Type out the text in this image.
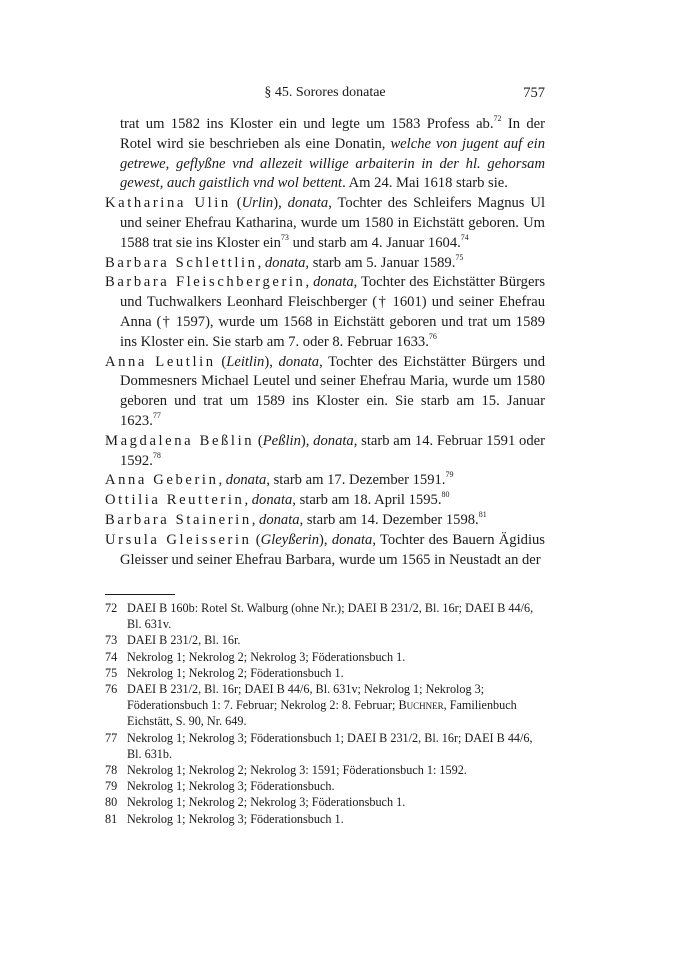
§ 45. Sorores donatae	757

trat um 1582 ins Kloster ein und legte um 1583 Profess ab.$^{72}$ In der Rotel wird sie beschrieben als eine Donatin, welche von jugent auf ein getrewe, geflyßne vnd allezeit willige arbaiterin in der hl. gehorsam gewest, auch gaistlich vnd wol bettent. Am 24. Mai 1618 starb sie.

Katharina Ulin (Urlin), donata, Tochter des Schleifers Magnus Ul und seiner Ehefrau Katharina, wurde um 1580 in Eichstätt geboren. Um 1588 trat sie ins Kloster ein$^{73}$ und starb am 4. Januar 1604.74

Barbara Schlettlin, donata, starb am 5. Januar 1589.75

Barbara Fleischbergerin, donata, Tochter des Eichstätter Bürgers und Tuchwalkers Leonhard Fleischberger († 1601) und seiner Ehefrau Anna († 1597), wurde um 1568 in Eichstätt geboren und trat um 1589 ins Kloster ein. Sie starb am 7. oder 8. Februar 1633.76

Anna Leutlin (Leitlin), donata, Tochter des Eichstätter Bürgers und Dommesners Michael Leutel und seiner Ehefrau Maria, wurde um 1580 geboren und trat um 1589 ins Kloster ein. Sie starb am 15. Januar 1623.77

Magdalena Beßlin (Peßlin), donata, starb am 14. Februar 1591 oder 1592.78

Anna Geberin, donata, starb am 17. Dezember 1591.79

Ottilia Reutterin, donata, starb am 18. April 1595.80

Barbara Stainerin, donata, starb am 14. Dezember 1598.81

Ursula Gleisserin (Gleyßerin), donata, Tochter des Bauern Ägidius Gleisser und seiner Ehefrau Barbara, wurde um 1565 in Neustadt an der

72 DAEI B 160b: Rotel St. Walburg (ohne Nr.); DAEI B 231/2, Bl. 16r; DAEI B 44/6, Bl. 631v.
73 DAEI B 231/2, Bl. 16r.
74 Nekrolog 1; Nekrolog 2; Nekrolog 3; Föderationsbuch 1.
75 Nekrolog 1; Nekrolog 2; Föderationsbuch 1.
76 DAEI B 231/2, Bl. 16r; DAEI B 44/6, Bl. 631v; Nekrolog 1; Nekrolog 3; Föderationsbuch 1: 7. Februar; Nekrolog 2: 8. Februar; Buchner, Familienbuch Eichstätt, S. 90, Nr. 649.
77 Nekrolog 1; Nekrolog 3; Föderationsbuch 1; DAEI B 231/2, Bl. 16r; DAEI B 44/6, Bl. 631b.
78 Nekrolog 1; Nekrolog 2; Nekrolog 3: 1591; Föderationsbuch 1: 1592.
79 Nekrolog 1; Nekrolog 3; Föderationsbuch.
80 Nekrolog 1; Nekrolog 2; Nekrolog 3; Föderationsbuch 1.
81 Nekrolog 1; Nekrolog 3; Föderationsbuch 1.
